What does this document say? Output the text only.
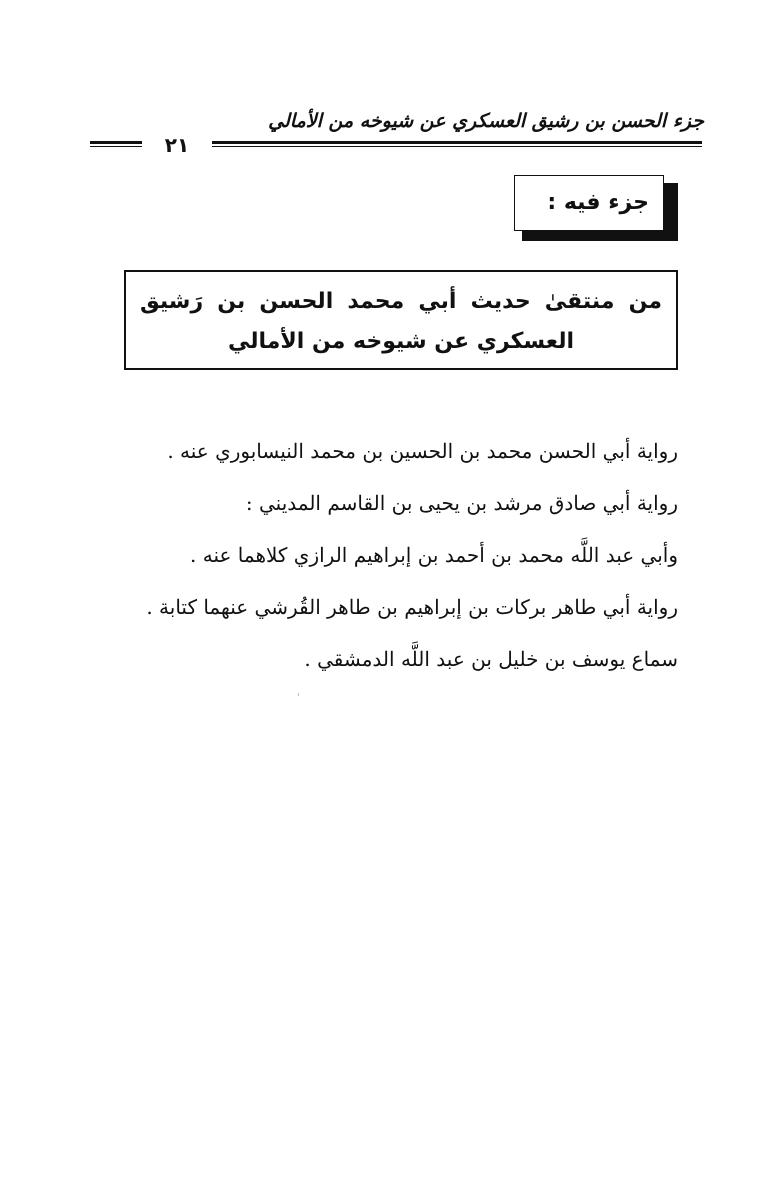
جزء الحسن بن رشيق العسكري عن شيوخه من الأمالي
٢١
جزء فيه :
من منتقىٰ حديث أبي محمد الحسن بن رَشيق العسكري عن شيوخه من الأمالي
رواية أبي الحسن محمد بن الحسين بن محمد النيسابوري عنه .
رواية أبي صادق مرشد بن يحيى بن القاسم المديني :
وأبي عبد اللَّه محمد بن أحمد بن إبراهيم الرازي كلاهما عنه .
رواية أبي طاهر بركات بن إبراهيم بن طاهر القُرشي عنهما كتابة .
سماع يوسف بن خليل بن عبد اللَّه الدمشقي .
